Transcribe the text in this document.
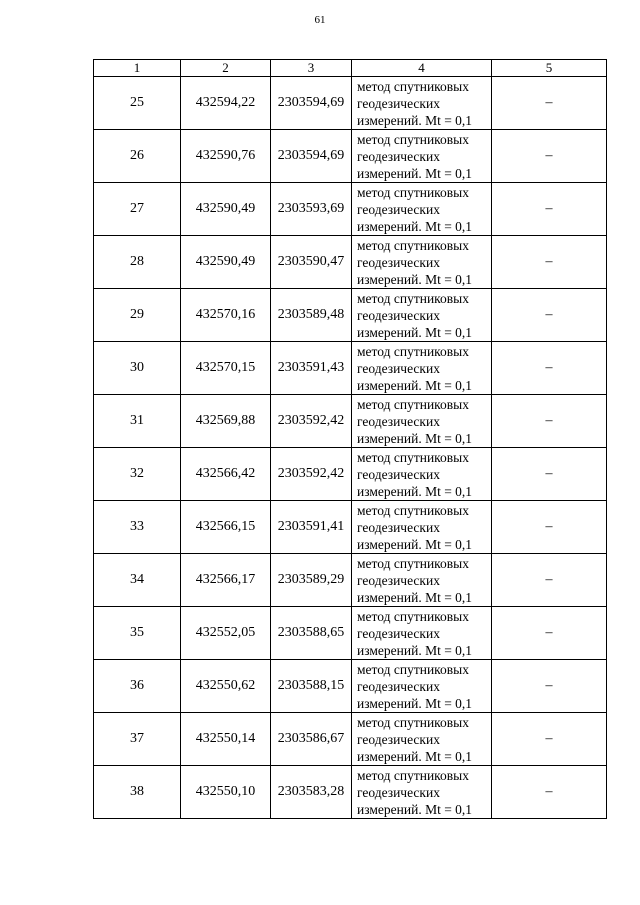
61
1	2	3	4	5
25	432594,22	2303594,69	метод спутниковых
геодезических
измерений. Mt = 0,1	–
26	432590,76	2303594,69	метод спутниковых
геодезических
измерений. Mt = 0,1	–
27	432590,49	2303593,69	метод спутниковых
геодезических
измерений. Mt = 0,1	–
28	432590,49	2303590,47	метод спутниковых
геодезических
измерений. Mt = 0,1	–
29	432570,16	2303589,48	метод спутниковых
геодезических
измерений. Mt = 0,1	–
30	432570,15	2303591,43	метод спутниковых
геодезических
измерений. Mt = 0,1	–
31	432569,88	2303592,42	метод спутниковых
геодезических
измерений. Mt = 0,1	–
32	432566,42	2303592,42	метод спутниковых
геодезических
измерений. Mt = 0,1	–
33	432566,15	2303591,41	метод спутниковых
геодезических
измерений. Mt = 0,1	–
34	432566,17	2303589,29	метод спутниковых
геодезических
измерений. Mt = 0,1	–
35	432552,05	2303588,65	метод спутниковых
геодезических
измерений. Mt = 0,1	–
36	432550,62	2303588,15	метод спутниковых
геодезических
измерений. Mt = 0,1	–
37	432550,14	2303586,67	метод спутниковых
геодезических
измерений. Mt = 0,1	–
38	432550,10	2303583,28	метод спутниковых
геодезических
измерений. Mt = 0,1	–
